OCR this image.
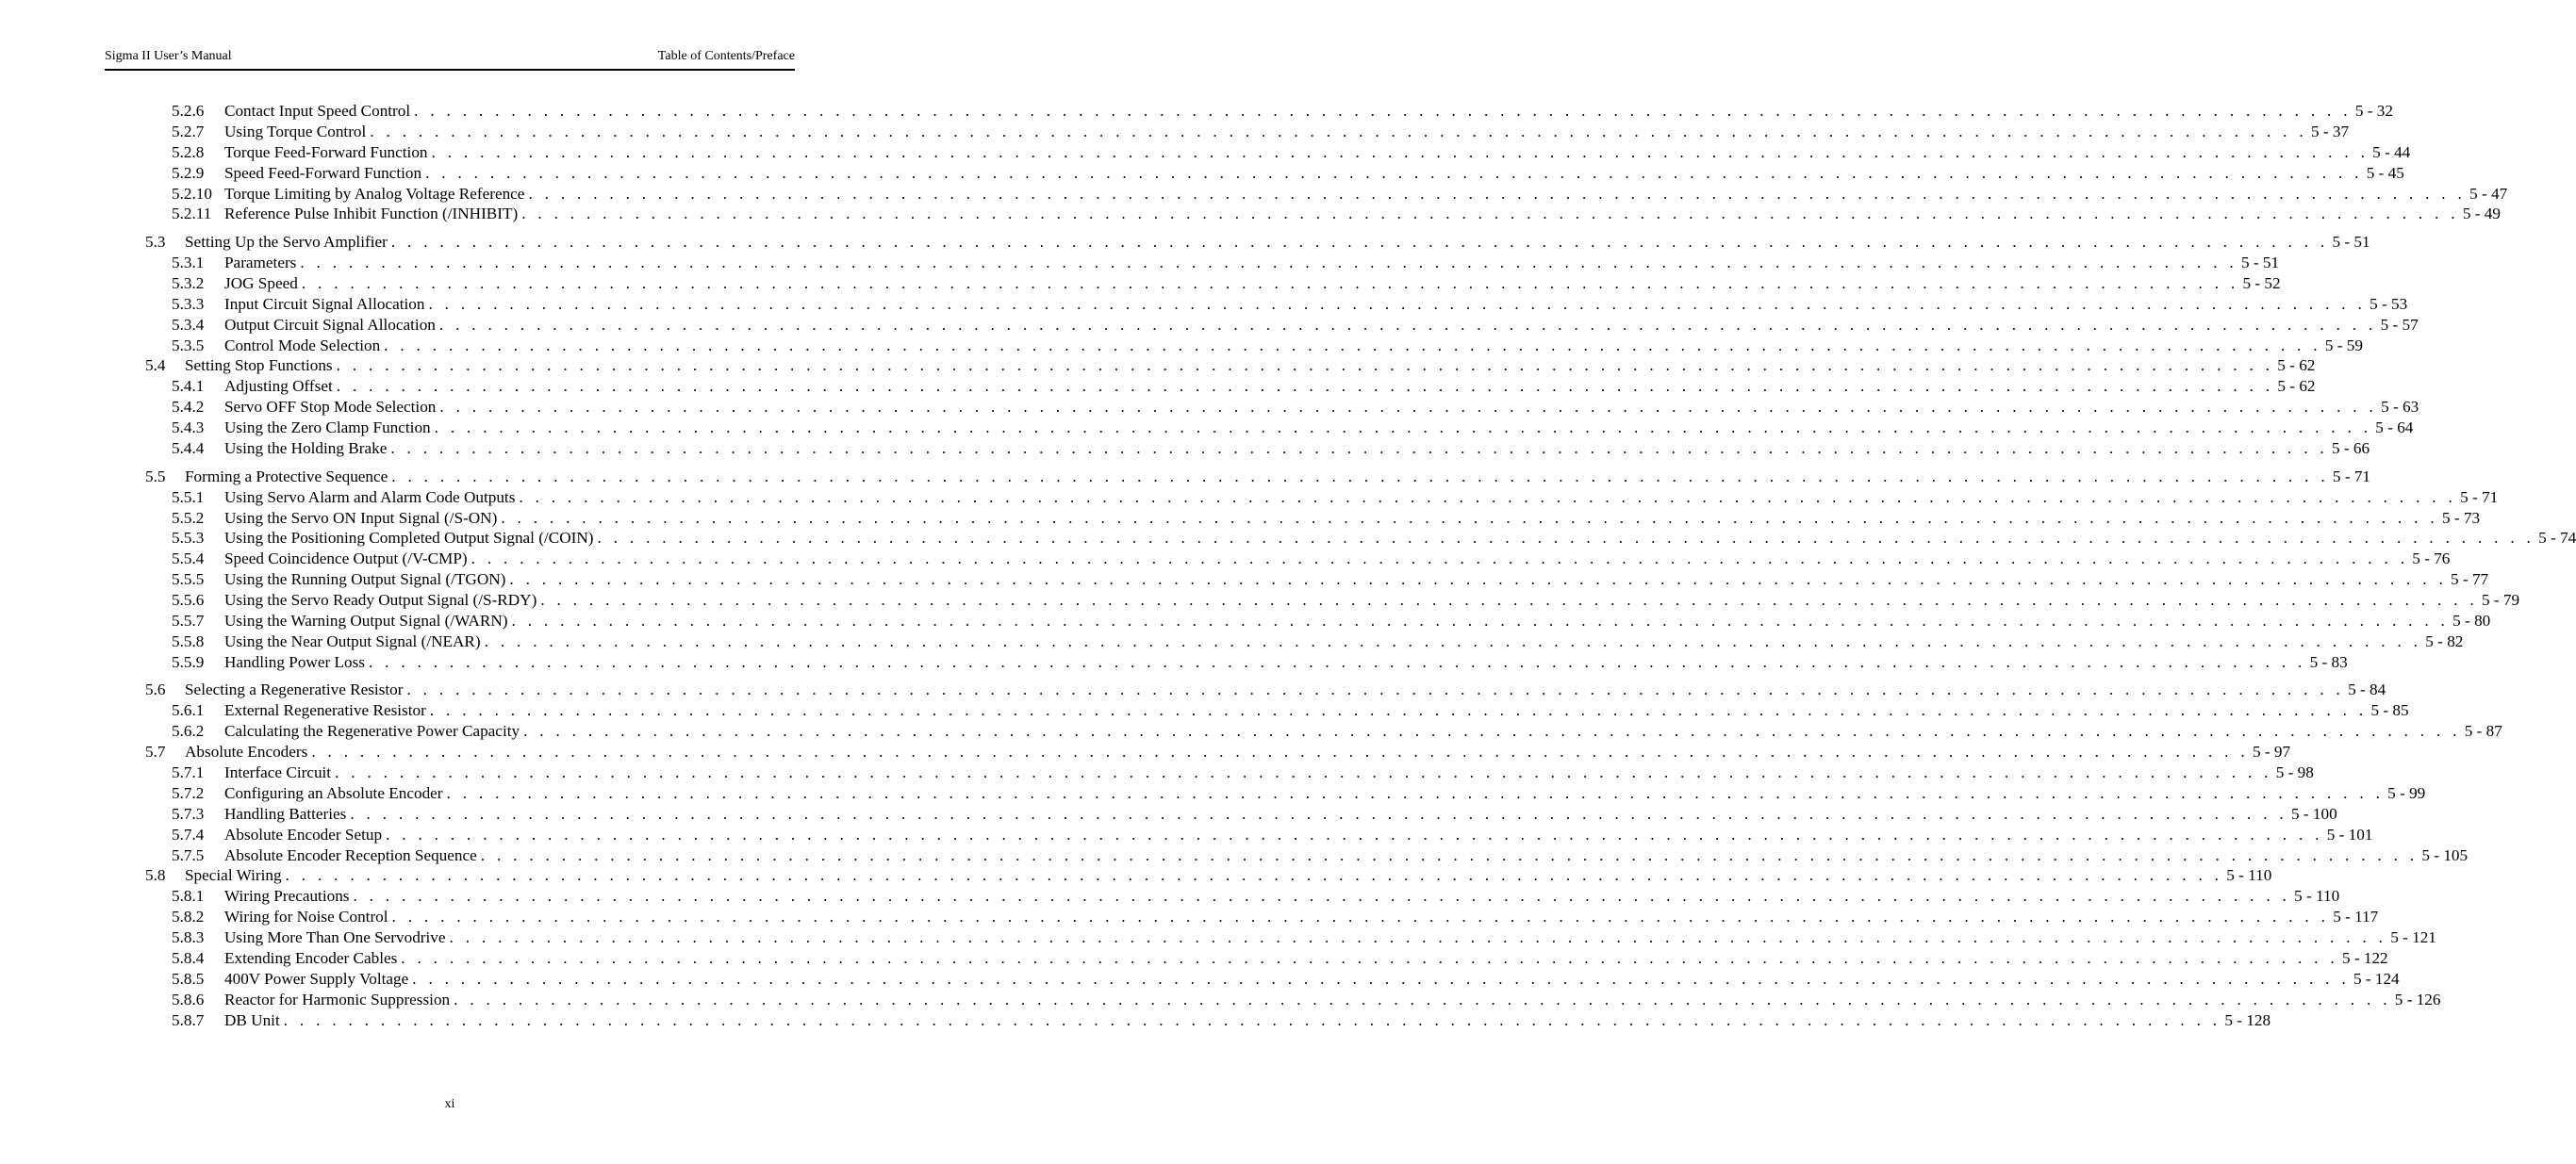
Sigma II User’s Manual	Table of Contents/Preface
5.2.6 Contact Input Speed Control . . . . . . . . . . . . . . . . . . . . . . . . . . . . . . . . . . . . . . . . . . . . . . . . . . . . . . . . . . . . . . . . . . . . . . . . . . . . . . . . . . . . . . . . . . . . . . . . . . . . . . . . . . . . . . . . . . . . . . . . 5 - 32
5.2.7 Using Torque Control . . . . . . . . . . . . . . . . . . . . . . . . . . . . . . . . . . . . . . . . . . . . . . . . . . . . . . . . . . . . . . . . . . . . . . . . . . . . . . . . . . . . . . . . . . . . . . . . . . . . . . . . . . . . . . . . . . . . . . . . 5 - 37
5.2.8 Torque Feed-Forward Function . . . . . . . . . . . . . . . . . . . . . . . . . . . . . . . . . . . . . . . . . . . . . . . . . . . . . . . . . . . . . . . . . . . . . . . . . . . . . . . . . . . . . . . . . . . . . . . . . . . . . . . . . . . . . . . . . . . . . . . . 5 - 44
5.2.9 Speed Feed-Forward Function . . . . . . . . . . . . . . . . . . . . . . . . . . . . . . . . . . . . . . . . . . . . . . . . . . . . . . . . . . . . . . . . . . . . . . . . . . . . . . . . . . . . . . . . . . . . . . . . . . . . . . . . . . . . . . . . . . . . . . . . 5 - 45
5.2.10 Torque Limiting by Analog Voltage Reference . . . . . . . . . . . . . . . . . . . . . . . . . . . . . . . . . . . . . . . . . . . . . . . . . . . . . . . . . . . . . . . . . . . . . . . . . . . . . . . . . . . . . . . . . . . . . . . . . . . . . . . . . . . . . . . . . . . . . . . . 5 - 47
5.2.11 Reference Pulse Inhibit Function (/INHIBIT) . . . . . . . . . . . . . . . . . . . . . . . . . . . . . . . . . . . . . . . . . . . . . . . . . . . . . . . . . . . . . . . . . . . . . . . . . . . . . . . . . . . . . . . . . . . . . . . . . . . . . . . . . . . . . . . . . . . . . . . . 5 - 49
5.3 Setting Up the Servo Amplifier . . . . . . . . . . . . . . . . . . . . . . . . . . . . . . . . . . . . . . . . . . . . . . . . . . . . . . . . . . . . . . . . . . . . . . . . . . . . . . . . . . . . . . . . . . . . . . . . . . . . . . . . . . . . . . . . . . . . . . . . 5 - 51
5.3.1 Parameters . . . . . . . . . . . . . . . . . . . . . . . . . . . . . . . . . . . . . . . . . . . . . . . . . . . . . . . . . . . . . . . . . . . . . . . . . . . . . . . . . . . . . . . . . . . . . . . . . . . . . . . . . . . . . . . . . . . . . . . . 5 - 51
5.3.2 JOG Speed . . . . . . . . . . . . . . . . . . . . . . . . . . . . . . . . . . . . . . . . . . . . . . . . . . . . . . . . . . . . . . . . . . . . . . . . . . . . . . . . . . . . . . . . . . . . . . . . . . . . . . . . . . . . . . . . . . . . . . . . 5 - 52
5.3.3 Input Circuit Signal Allocation . . . . . . . . . . . . . . . . . . . . . . . . . . . . . . . . . . . . . . . . . . . . . . . . . . . . . . . . . . . . . . . . . . . . . . . . . . . . . . . . . . . . . . . . . . . . . . . . . . . . . . . . . . . . . . . . . . . . . . . . 5 - 53
5.3.4 Output Circuit Signal Allocation . . . . . . . . . . . . . . . . . . . . . . . . . . . . . . . . . . . . . . . . . . . . . . . . . . . . . . . . . . . . . . . . . . . . . . . . . . . . . . . . . . . . . . . . . . . . . . . . . . . . . . . . . . . . . . . . . . . . . . . . 5 - 57
5.3.5 Control Mode Selection . . . . . . . . . . . . . . . . . . . . . . . . . . . . . . . . . . . . . . . . . . . . . . . . . . . . . . . . . . . . . . . . . . . . . . . . . . . . . . . . . . . . . . . . . . . . . . . . . . . . . . . . . . . . . . . . . . . . . . . . 5 - 59
5.4 Setting Stop Functions . . . . . . . . . . . . . . . . . . . . . . . . . . . . . . . . . . . . . . . . . . . . . . . . . . . . . . . . . . . . . . . . . . . . . . . . . . . . . . . . . . . . . . . . . . . . . . . . . . . . . . . . . . . . . . . . . . . . . . . . 5 - 62
5.4.1 Adjusting Offset . . . . . . . . . . . . . . . . . . . . . . . . . . . . . . . . . . . . . . . . . . . . . . . . . . . . . . . . . . . . . . . . . . . . . . . . . . . . . . . . . . . . . . . . . . . . . . . . . . . . . . . . . . . . . . . . . . . . . . . . 5 - 62
5.4.2 Servo OFF Stop Mode Selection . . . . . . . . . . . . . . . . . . . . . . . . . . . . . . . . . . . . . . . . . . . . . . . . . . . . . . . . . . . . . . . . . . . . . . . . . . . . . . . . . . . . . . . . . . . . . . . . . . . . . . . . . . . . . . . . . . . . . . . . 5 - 63
5.4.3 Using the Zero Clamp Function . . . . . . . . . . . . . . . . . . . . . . . . . . . . . . . . . . . . . . . . . . . . . . . . . . . . . . . . . . . . . . . . . . . . . . . . . . . . . . . . . . . . . . . . . . . . . . . . . . . . . . . . . . . . . . . . . . . . . . . . 5 - 64
5.4.4 Using the Holding Brake . . . . . . . . . . . . . . . . . . . . . . . . . . . . . . . . . . . . . . . . . . . . . . . . . . . . . . . . . . . . . . . . . . . . . . . . . . . . . . . . . . . . . . . . . . . . . . . . . . . . . . . . . . . . . . . . . . . . . . . . 5 - 66
5.5 Forming a Protective Sequence . . . . . . . . . . . . . . . . . . . . . . . . . . . . . . . . . . . . . . . . . . . . . . . . . . . . . . . . . . . . . . . . . . . . . . . . . . . . . . . . . . . . . . . . . . . . . . . . . . . . . . . . . . . . . . . . . . . . . . . . 5 - 71
5.5.1 Using Servo Alarm and Alarm Code Outputs . . . . . . . . . . . . . . . . . . . . . . . . . . . . . . . . . . . . . . . . . . . . . . . . . . . . . . . . . . . . . . . . . . . . . . . . . . . . . . . . . . . . . . . . . . . . . . . . . . . . . . . . . . . . . . . . . . . . . . . . 5 - 71
5.5.2 Using the Servo ON Input Signal (/S-ON) . . . . . . . . . . . . . . . . . . . . . . . . . . . . . . . . . . . . . . . . . . . . . . . . . . . . . . . . . . . . . . . . . . . . . . . . . . . . . . . . . . . . . . . . . . . . . . . . . . . . . . . . . . . . . . . . . . . . . . . . 5 - 73
5.5.3 Using the Positioning Completed Output Signal (/COIN) . . . . . . . . . . . . . . . . . . . . . . . . . . . . . . . . . . . . . . . . . . . . . . . . . . . . . . . . . . . . . . . . . . . . . . . . . . . . . . . . . . . . . . . . . . . . . . . . . . . . . . . . . . . . . . . . . . . . . . . . 5 - 74
5.5.4 Speed Coincidence Output (/V-CMP) . . . . . . . . . . . . . . . . . . . . . . . . . . . . . . . . . . . . . . . . . . . . . . . . . . . . . . . . . . . . . . . . . . . . . . . . . . . . . . . . . . . . . . . . . . . . . . . . . . . . . . . . . . . . . . . . . . . . . . . . 5 - 76
5.5.5 Using the Running Output Signal (/TGON) . . . . . . . . . . . . . . . . . . . . . . . . . . . . . . . . . . . . . . . . . . . . . . . . . . . . . . . . . . . . . . . . . . . . . . . . . . . . . . . . . . . . . . . . . . . . . . . . . . . . . . . . . . . . . . . . . . . . . . . . 5 - 77
5.5.6 Using the Servo Ready Output Signal (/S-RDY) . . . . . . . . . . . . . . . . . . . . . . . . . . . . . . . . . . . . . . . . . . . . . . . . . . . . . . . . . . . . . . . . . . . . . . . . . . . . . . . . . . . . . . . . . . . . . . . . . . . . . . . . . . . . . . . . . . . . . . . . 5 - 79
5.5.7 Using the Warning Output Signal (/WARN) . . . . . . . . . . . . . . . . . . . . . . . . . . . . . . . . . . . . . . . . . . . . . . . . . . . . . . . . . . . . . . . . . . . . . . . . . . . . . . . . . . . . . . . . . . . . . . . . . . . . . . . . . . . . . . . . . . . . . . . . 5 - 80
5.5.8 Using the Near Output Signal (/NEAR) . . . . . . . . . . . . . . . . . . . . . . . . . . . . . . . . . . . . . . . . . . . . . . . . . . . . . . . . . . . . . . . . . . . . . . . . . . . . . . . . . . . . . . . . . . . . . . . . . . . . . . . . . . . . . . . . . . . . . . . . 5 - 82
5.5.9 Handling Power Loss . . . . . . . . . . . . . . . . . . . . . . . . . . . . . . . . . . . . . . . . . . . . . . . . . . . . . . . . . . . . . . . . . . . . . . . . . . . . . . . . . . . . . . . . . . . . . . . . . . . . . . . . . . . . . . . . . . . . . . . . 5 - 83
5.6 Selecting a Regenerative Resistor . . . . . . . . . . . . . . . . . . . . . . . . . . . . . . . . . . . . . . . . . . . . . . . . . . . . . . . . . . . . . . . . . . . . . . . . . . . . . . . . . . . . . . . . . . . . . . . . . . . . . . . . . . . . . . . . . . . . . . . . 5 - 84
5.6.1 External Regenerative Resistor . . . . . . . . . . . . . . . . . . . . . . . . . . . . . . . . . . . . . . . . . . . . . . . . . . . . . . . . . . . . . . . . . . . . . . . . . . . . . . . . . . . . . . . . . . . . . . . . . . . . . . . . . . . . . . . . . . . . . . . . 5 - 85
5.6.2 Calculating the Regenerative Power Capacity . . . . . . . . . . . . . . . . . . . . . . . . . . . . . . . . . . . . . . . . . . . . . . . . . . . . . . . . . . . . . . . . . . . . . . . . . . . . . . . . . . . . . . . . . . . . . . . . . . . . . . . . . . . . . . . . . . . . . . . . 5 - 87
5.7 Absolute Encoders . . . . . . . . . . . . . . . . . . . . . . . . . . . . . . . . . . . . . . . . . . . . . . . . . . . . . . . . . . . . . . . . . . . . . . . . . . . . . . . . . . . . . . . . . . . . . . . . . . . . . . . . . . . . . . . . . . . . . . . . 5 - 97
5.7.1 Interface Circuit . . . . . . . . . . . . . . . . . . . . . . . . . . . . . . . . . . . . . . . . . . . . . . . . . . . . . . . . . . . . . . . . . . . . . . . . . . . . . . . . . . . . . . . . . . . . . . . . . . . . . . . . . . . . . . . . . . . . . . . . 5 - 98
5.7.2 Configuring an Absolute Encoder . . . . . . . . . . . . . . . . . . . . . . . . . . . . . . . . . . . . . . . . . . . . . . . . . . . . . . . . . . . . . . . . . . . . . . . . . . . . . . . . . . . . . . . . . . . . . . . . . . . . . . . . . . . . . . . . . . . . . . . . 5 - 99
5.7.3 Handling Batteries . . . . . . . . . . . . . . . . . . . . . . . . . . . . . . . . . . . . . . . . . . . . . . . . . . . . . . . . . . . . . . . . . . . . . . . . . . . . . . . . . . . . . . . . . . . . . . . . . . . . . . . . . . . . . . . . . . . . . . . . 5 - 100
5.7.4 Absolute Encoder Setup . . . . . . . . . . . . . . . . . . . . . . . . . . . . . . . . . . . . . . . . . . . . . . . . . . . . . . . . . . . . . . . . . . . . . . . . . . . . . . . . . . . . . . . . . . . . . . . . . . . . . . . . . . . . . . . . . . . . . . . . 5 - 101
5.7.5 Absolute Encoder Reception Sequence . . . . . . . . . . . . . . . . . . . . . . . . . . . . . . . . . . . . . . . . . . . . . . . . . . . . . . . . . . . . . . . . . . . . . . . . . . . . . . . . . . . . . . . . . . . . . . . . . . . . . . . . . . . . . . . . . . . . . . . . 5 - 105
5.8 Special Wiring . . . . . . . . . . . . . . . . . . . . . . . . . . . . . . . . . . . . . . . . . . . . . . . . . . . . . . . . . . . . . . . . . . . . . . . . . . . . . . . . . . . . . . . . . . . . . . . . . . . . . . . . . . . . . . . . . . . . . . . . 5 - 110
5.8.1 Wiring Precautions . . . . . . . . . . . . . . . . . . . . . . . . . . . . . . . . . . . . . . . . . . . . . . . . . . . . . . . . . . . . . . . . . . . . . . . . . . . . . . . . . . . . . . . . . . . . . . . . . . . . . . . . . . . . . . . . . . . . . . . . 5 - 110
5.8.2 Wiring for Noise Control . . . . . . . . . . . . . . . . . . . . . . . . . . . . . . . . . . . . . . . . . . . . . . . . . . . . . . . . . . . . . . . . . . . . . . . . . . . . . . . . . . . . . . . . . . . . . . . . . . . . . . . . . . . . . . . . . . . . . . . . 5 - 117
5.8.3 Using More Than One Servodrive . . . . . . . . . . . . . . . . . . . . . . . . . . . . . . . . . . . . . . . . . . . . . . . . . . . . . . . . . . . . . . . . . . . . . . . . . . . . . . . . . . . . . . . . . . . . . . . . . . . . . . . . . . . . . . . . . . . . . . . . 5 - 121
5.8.4 Extending Encoder Cables . . . . . . . . . . . . . . . . . . . . . . . . . . . . . . . . . . . . . . . . . . . . . . . . . . . . . . . . . . . . . . . . . . . . . . . . . . . . . . . . . . . . . . . . . . . . . . . . . . . . . . . . . . . . . . . . . . . . . . . . 5 - 122
5.8.5 400V Power Supply Voltage . . . . . . . . . . . . . . . . . . . . . . . . . . . . . . . . . . . . . . . . . . . . . . . . . . . . . . . . . . . . . . . . . . . . . . . . . . . . . . . . . . . . . . . . . . . . . . . . . . . . . . . . . . . . . . . . . . . . . . . . 5 - 124
5.8.6 Reactor for Harmonic Suppression . . . . . . . . . . . . . . . . . . . . . . . . . . . . . . . . . . . . . . . . . . . . . . . . . . . . . . . . . . . . . . . . . . . . . . . . . . . . . . . . . . . . . . . . . . . . . . . . . . . . . . . . . . . . . . . . . . . . . . . . 5 - 126
5.8.7 DB Unit . . . . . . . . . . . . . . . . . . . . . . . . . . . . . . . . . . . . . . . . . . . . . . . . . . . . . . . . . . . . . . . . . . . . . . . . . . . . . . . . . . . . . . . . . . . . . . . . . . . . . . . . . . . . . . . . . . . . . . . . 5 - 128
xi
